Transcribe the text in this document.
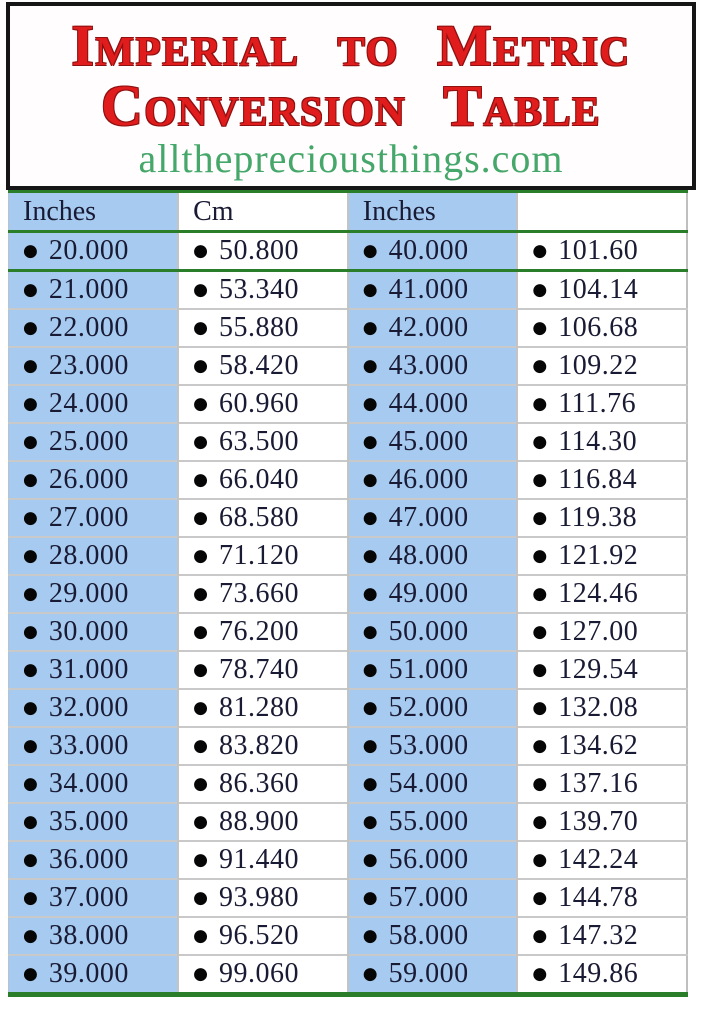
Imperial to Metric
Conversion Table
allthepreciousthings.com
Inches	Cm	Inches	
● 20.000	● 50.800	● 40.000	● 101.60
● 21.000	● 53.340	● 41.000	● 104.14
● 22.000	● 55.880	● 42.000	● 106.68
● 23.000	● 58.420	● 43.000	● 109.22
● 24.000	● 60.960	● 44.000	● 111.76
● 25.000	● 63.500	● 45.000	● 114.30
● 26.000	● 66.040	● 46.000	● 116.84
● 27.000	● 68.580	● 47.000	● 119.38
● 28.000	● 71.120	● 48.000	● 121.92
● 29.000	● 73.660	● 49.000	● 124.46
● 30.000	● 76.200	● 50.000	● 127.00
● 31.000	● 78.740	● 51.000	● 129.54
● 32.000	● 81.280	● 52.000	● 132.08
● 33.000	● 83.820	● 53.000	● 134.62
● 34.000	● 86.360	● 54.000	● 137.16
● 35.000	● 88.900	● 55.000	● 139.70
● 36.000	● 91.440	● 56.000	● 142.24
● 37.000	● 93.980	● 57.000	● 144.78
● 38.000	● 96.520	● 58.000	● 147.32
● 39.000	● 99.060	● 59.000	● 149.86
